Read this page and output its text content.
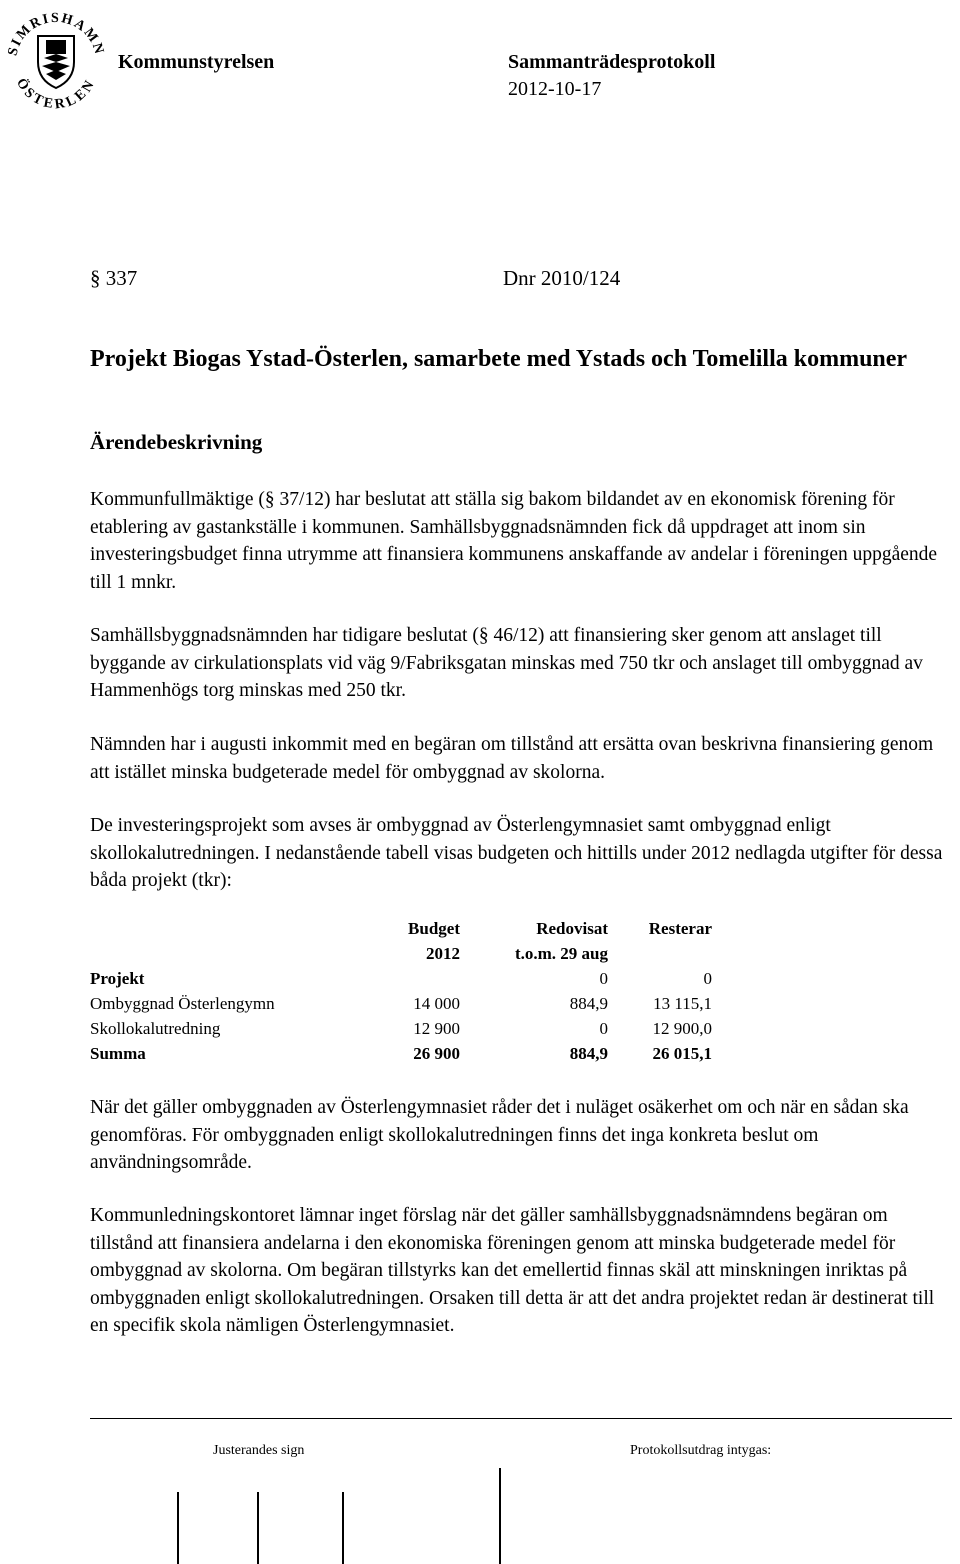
SIMRISHAMN
ÖSTERLEN
Kommunstyrelsen	Sammanträdesprotokoll
2012-10-17
§ 337	Dnr 2010/124
Projekt Biogas Ystad-Österlen, samarbete med Ystads och Tomelilla kommuner
Ärendebeskrivning
Kommunfullmäktige (§ 37/12) har beslutat att ställa sig bakom bildandet av en ekonomisk förening för etablering av gastankställe i kommunen. Samhällsbyggnadsnämnden fick då uppdraget att inom sin investeringsbudget finna utrymme att finansiera kommunens anskaffande av andelar i föreningen uppgående till 1 mnkr.
Samhällsbyggnadsnämnden har tidigare beslutat (§ 46/12) att finansiering sker genom att anslaget till byggande av cirkulationsplats vid väg 9/Fabriksgatan minskas med 750 tkr och anslaget till ombyggnad av Hammenhögs torg minskas med 250 tkr.
Nämnden har i augusti inkommit med en begäran om tillstånd att ersätta ovan beskrivna finansiering genom att istället minska budgeterade medel för ombyggnad av skolorna.
De investeringsprojekt som avses är ombyggnad av Österlengymnasiet samt ombyggnad enligt skollokalutredningen. I nedanstående tabell visas budgeten och hittills under 2012 nedlagda utgifter för dessa båda projekt (tkr):
	Budget	Redovisat	Resterar
	2012	t.o.m. 29 aug	
Projekt		0	0
Ombyggnad Österlengymn	14 000	884,9	13 115,1
Skollokalutredning	12 900	0	12 900,0
Summa	26 900	884,9	26 015,1
När det gäller ombyggnaden av Österlengymnasiet råder det i nuläget osäkerhet om och när en sådan ska genomföras. För ombyggnaden enligt skollokalutredningen finns det inga konkreta beslut om användningsområde.
Kommunledningskontoret lämnar inget förslag när det gäller samhällsbyggnadsnämndens begäran om tillstånd att finansiera andelarna i den ekonomiska föreningen genom att minska budgeterade medel för ombyggnad av skolorna. Om begäran tillstyrks kan det emellertid finnas skäl att minskningen inriktas på ombyggnaden enligt skollokalutredningen. Orsaken till detta är att det andra projektet redan är destinerat till en specifik skola nämligen Österlengymnasiet.
Justerandes sign	Protokollsutdrag intygas:
